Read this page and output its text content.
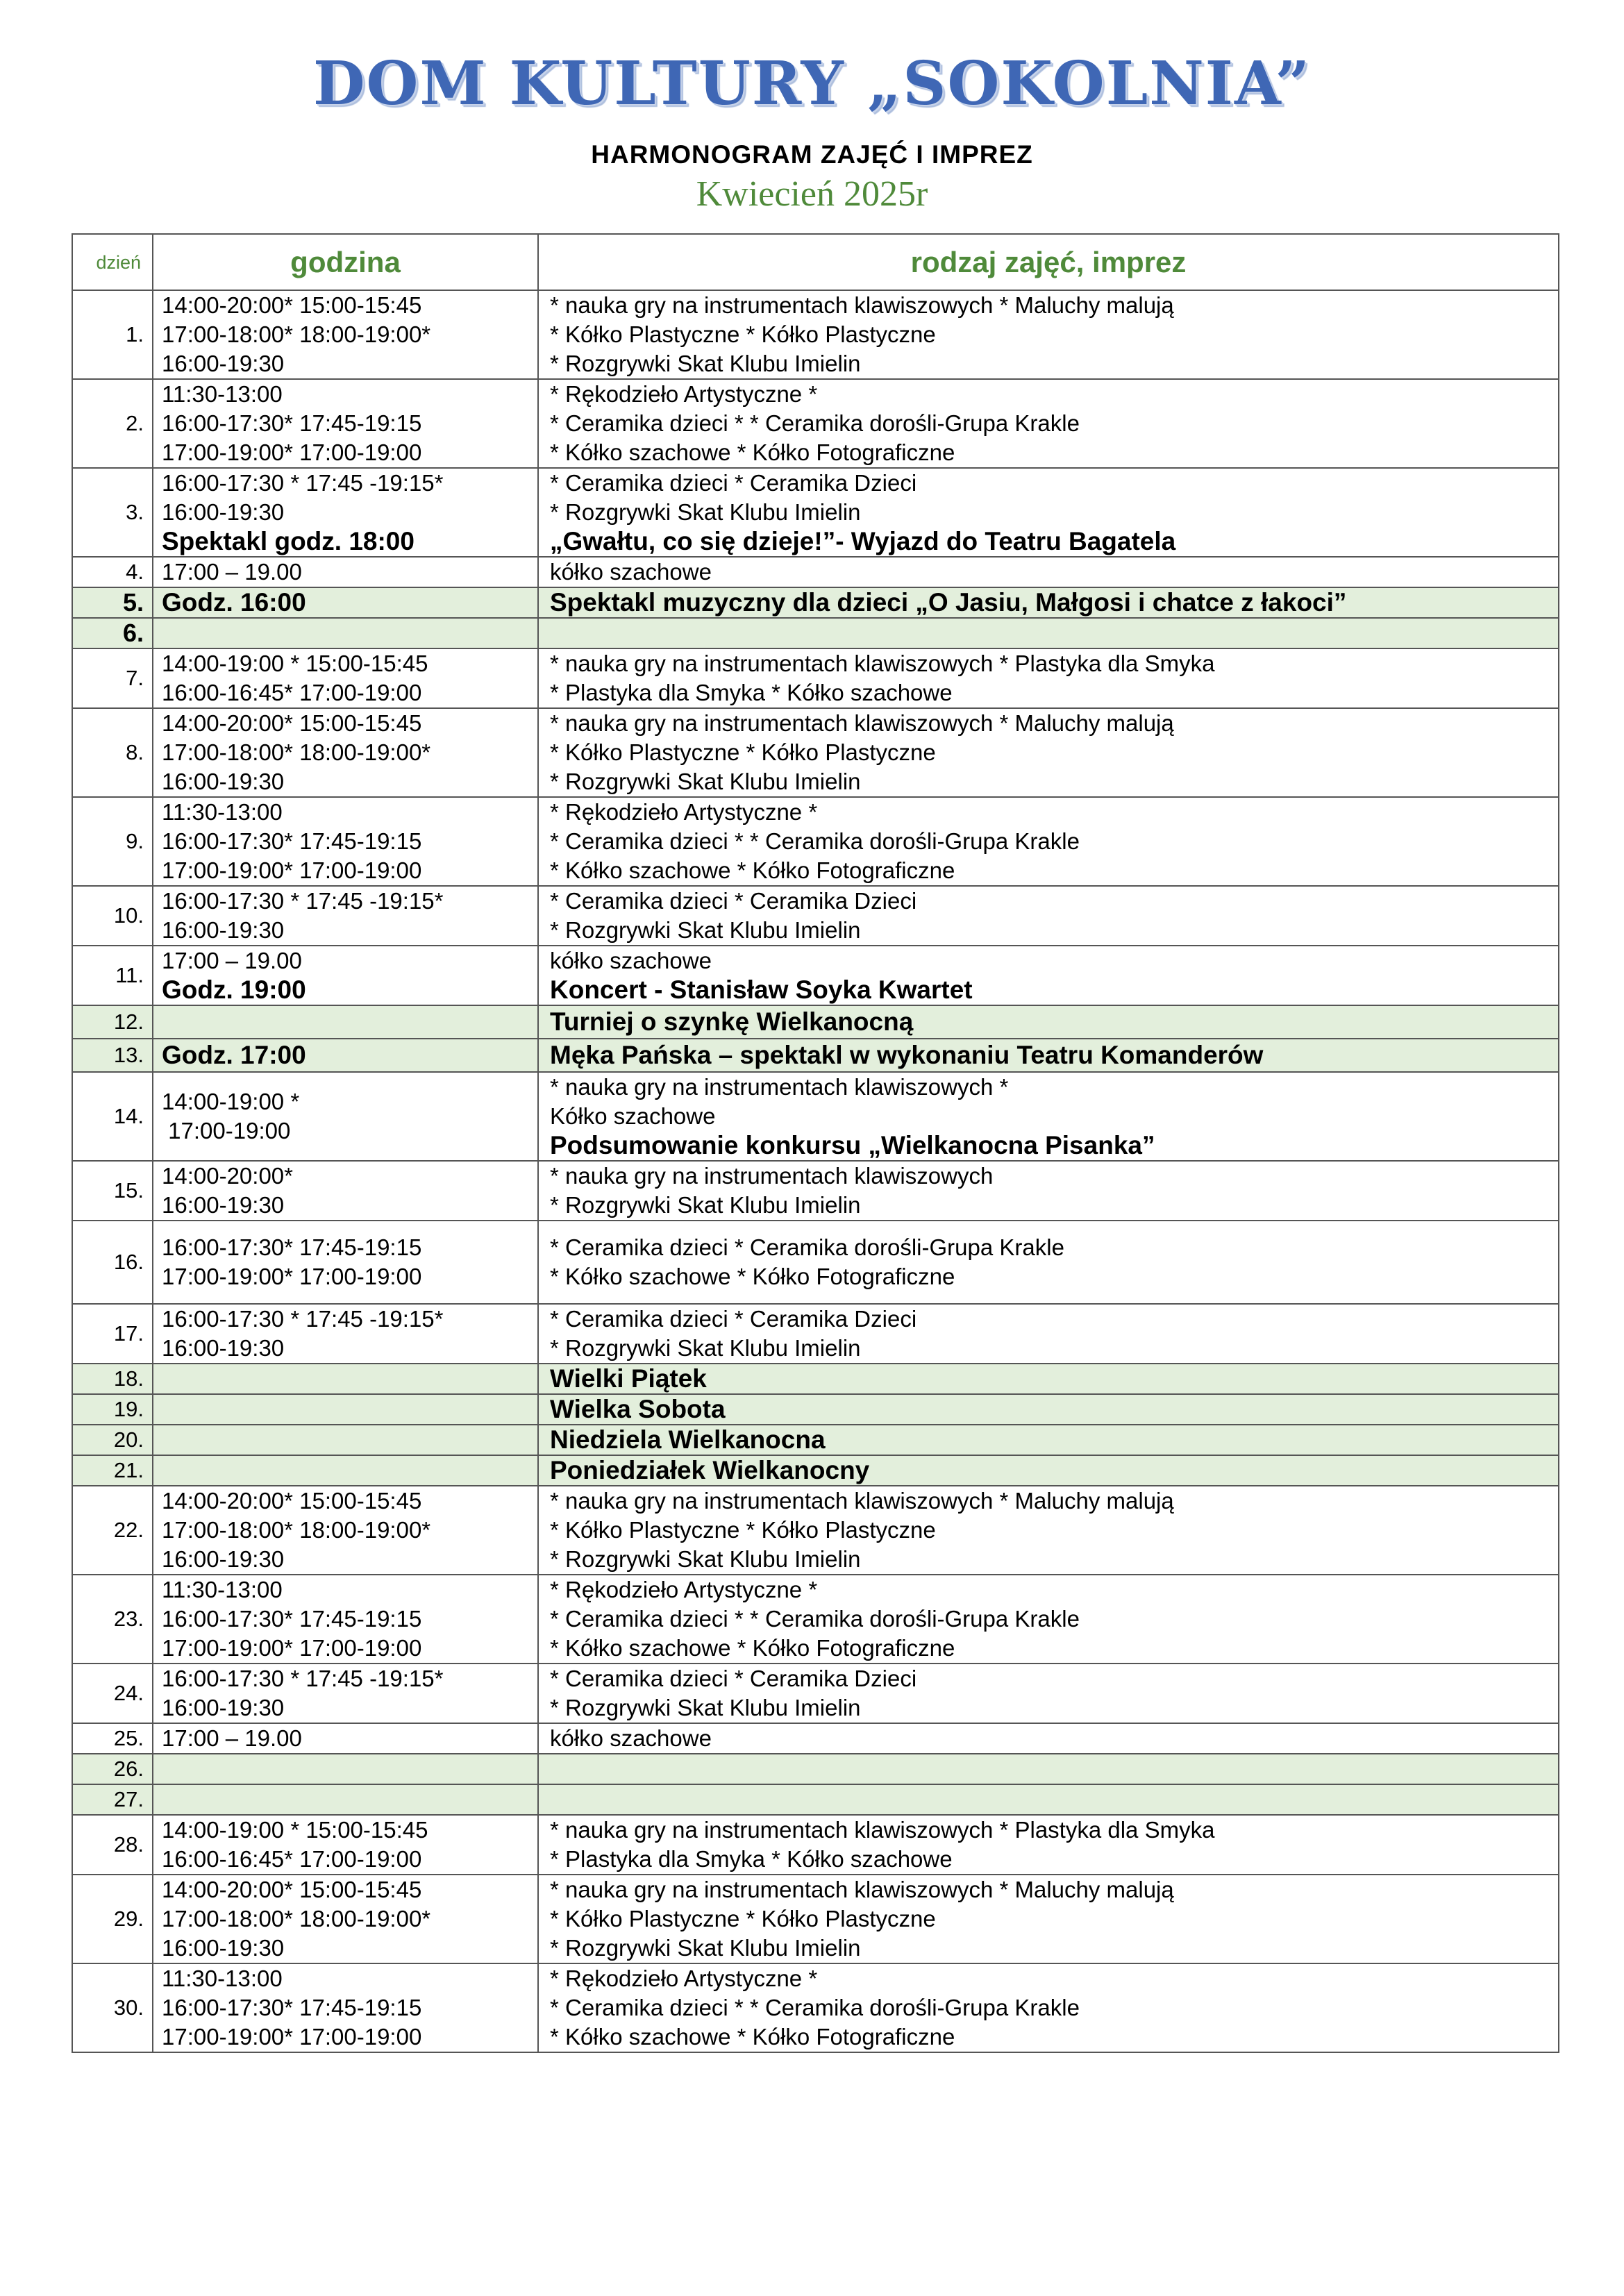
DOM KULTURY „SOKOLNIA”
HARMONOGRAM ZAJĘĆ I IMPREZ
Kwiecień 2025r
dzień	godzina	rodzaj zajęć, imprez
1.	14:00-20:00* 15:00-15:45
17:00-18:00* 18:00-19:00*
16:00-19:30	* nauka gry na instrumentach klawiszowych * Maluchy malują
* Kółko Plastyczne * Kółko Plastyczne
* Rozgrywki Skat Klubu Imielin

2.	11:30-13:00
16:00-17:30* 17:45-19:15
17:00-19:00* 17:00-19:00	* Rękodzieło Artystyczne *
* Ceramika dzieci * * Ceramika dorośli-Grupa Krakle
* Kółko szachowe * Kółko Fotograficzne

3.	16:00-17:30 * 17:45 -19:15*
16:00-19:30
Spektakl godz. 18:00	* Ceramika dzieci * Ceramika Dzieci
* Rozgrywki Skat Klubu Imielin
„Gwałtu, co się dzieje!”- Wyjazd do Teatru Bagatela

4.	17:00 – 19.00	kółko szachowe

5.	Godz. 16:00	Spektakl muzyczny dla dzieci „O Jasiu, Małgosi i chatce z łakoci”

6.		
7.	14:00-19:00 * 15:00-15:45
16:00-16:45* 17:00-19:00	* nauka gry na instrumentach klawiszowych * Plastyka dla Smyka
* Plastyka dla Smyka * Kółko szachowe

8.	14:00-20:00* 15:00-15:45
17:00-18:00* 18:00-19:00*
16:00-19:30	* nauka gry na instrumentach klawiszowych * Maluchy malują
* Kółko Plastyczne * Kółko Plastyczne
* Rozgrywki Skat Klubu Imielin

9.	11:30-13:00
16:00-17:30* 17:45-19:15
17:00-19:00* 17:00-19:00	* Rękodzieło Artystyczne *
* Ceramika dzieci * * Ceramika dorośli-Grupa Krakle
* Kółko szachowe * Kółko Fotograficzne

10.	16:00-17:30 * 17:45 -19:15*
16:00-19:30	* Ceramika dzieci * Ceramika Dzieci
* Rozgrywki Skat Klubu Imielin

11.	17:00 – 19.00
Godz. 19:00	kółko szachowe
Koncert - Stanisław Soyka Kwartet

12.		Turniej o szynkę Wielkanocną

13.	Godz. 17:00	Męka Pańska – spektakl w wykonaniu Teatru Komanderów

14.	14:00-19:00 *
17:00-19:00	* nauka gry na instrumentach klawiszowych *
Kółko szachowe
Podsumowanie konkursu „Wielkanocna Pisanka”

15.	14:00-20:00*
16:00-19:30	* nauka gry na instrumentach klawiszowych
* Rozgrywki Skat Klubu Imielin

16.	16:00-17:30* 17:45-19:15
17:00-19:00* 17:00-19:00	* Ceramika dzieci * Ceramika dorośli-Grupa Krakle
* Kółko szachowe * Kółko Fotograficzne

17.	16:00-17:30 * 17:45 -19:15*
16:00-19:30	* Ceramika dzieci * Ceramika Dzieci
* Rozgrywki Skat Klubu Imielin

18.		Wielki Piątek

19.		Wielka Sobota

20.		Niedziela Wielkanocna

21.		Poniedziałek Wielkanocny

22.	14:00-20:00* 15:00-15:45
17:00-18:00* 18:00-19:00*
16:00-19:30	* nauka gry na instrumentach klawiszowych * Maluchy malują
* Kółko Plastyczne * Kółko Plastyczne
* Rozgrywki Skat Klubu Imielin

23.	11:30-13:00
16:00-17:30* 17:45-19:15
17:00-19:00* 17:00-19:00	* Rękodzieło Artystyczne *
* Ceramika dzieci * * Ceramika dorośli-Grupa Krakle
* Kółko szachowe * Kółko Fotograficzne

24.	16:00-17:30 * 17:45 -19:15*
16:00-19:30	* Ceramika dzieci * Ceramika Dzieci
* Rozgrywki Skat Klubu Imielin

25.	17:00 – 19.00	kółko szachowe

26.		
27.		
28.	14:00-19:00 * 15:00-15:45
16:00-16:45* 17:00-19:00	* nauka gry na instrumentach klawiszowych * Plastyka dla Smyka
* Plastyka dla Smyka * Kółko szachowe

29.	14:00-20:00* 15:00-15:45
17:00-18:00* 18:00-19:00*
16:00-19:30	* nauka gry na instrumentach klawiszowych * Maluchy malują
* Kółko Plastyczne * Kółko Plastyczne
* Rozgrywki Skat Klubu Imielin

30.	11:30-13:00
16:00-17:30* 17:45-19:15
17:00-19:00* 17:00-19:00	* Rękodzieło Artystyczne *
* Ceramika dzieci * * Ceramika dorośli-Grupa Krakle
* Kółko szachowe * Kółko Fotograficzne
